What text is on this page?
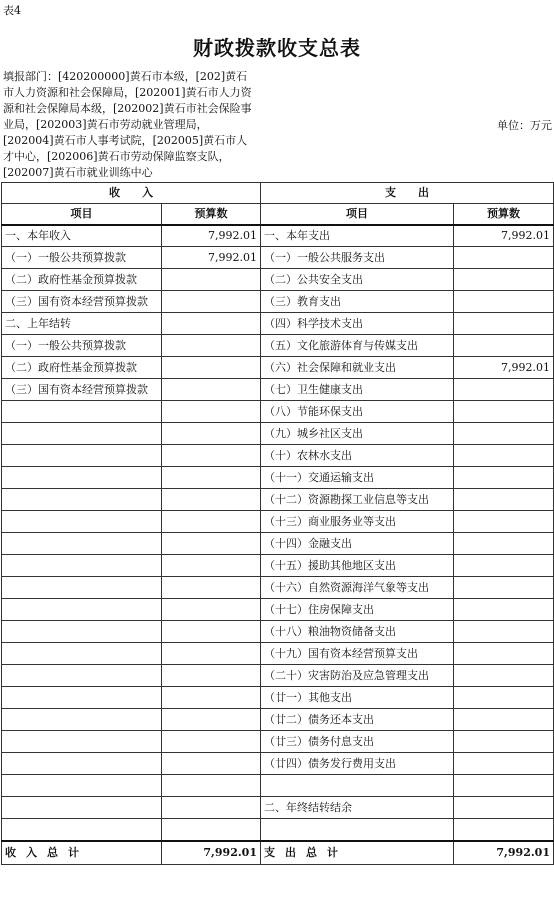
表4
财政拨款收支总表
填报部门：[420200000]黄石市本级，[202]黄石市人力资源和社会保障局，[202001]黄石市人力资源和社会保障局本级，[202002]黄石市社会保险事业局，[202003]黄石市劳动就业管理局，[202004]黄石市人事考试院，[202005]黄石市人才中心，[202006]黄石市劳动保障监察支队，[202007]黄石市就业训练中心
单位：万元
收　　入		支　　出	
项目	预算数	项目	预算数
一、本年收入	7,992.01	一、本年支出	7,992.01
（一）一般公共预算拨款	7,992.01	（一）一般公共服务支出	
（二）政府性基金预算拨款		（二）公共安全支出	
（三）国有资本经营预算拨款		（三）教育支出	
二、上年结转		（四）科学技术支出	
（一）一般公共预算拨款		（五）文化旅游体育与传媒支出	
（二）政府性基金预算拨款		（六）社会保障和就业支出	7,992.01
（三）国有资本经营预算拨款		（七）卫生健康支出	
		（八）节能环保支出	
		（九）城乡社区支出	
		（十）农林水支出	
		（十一）交通运输支出	
		（十二）资源勘探工业信息等支出	
		（十三）商业服务业等支出	
		（十四）金融支出	
		（十五）援助其他地区支出	
		（十六）自然资源海洋气象等支出	
		（十七）住房保障支出	
		（十八）粮油物资储备支出	
		（十九）国有资本经营预算支出	
		（二十）灾害防治及应急管理支出	
		（廿一）其他支出	
		（廿二）债务还本支出	
		（廿三）债务付息支出	
		（廿四）债务发行费用支出	

		二、年终结转结余	

收入总计	7,992.01	支出总计	7,992.01
